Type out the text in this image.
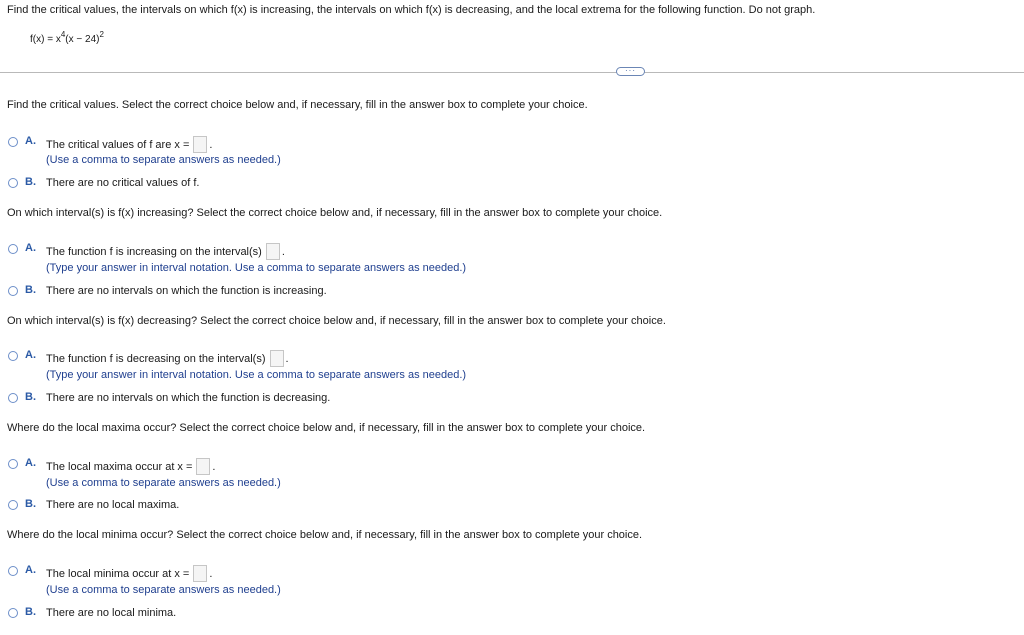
Find the critical values, the intervals on which f(x) is increasing, the intervals on which f(x) is decreasing, and the local extrema for the following function. Do not graph.
$f(x) = x^4(x - 24)^2$
···
Find the critical values. Select the correct choice below and, if necessary, fill in the answer box to complete your choice.
A. The critical values of f are x = .
(Use a comma to separate answers as needed.)
B. There are no critical values of f.
On which interval(s) is f(x) increasing? Select the correct choice below and, if necessary, fill in the answer box to complete your choice.
A. The function f is increasing on the interval(s) .
(Type your answer in interval notation. Use a comma to separate answers as needed.)
B. There are no intervals on which the function is increasing.
On which interval(s) is f(x) decreasing? Select the correct choice below and, if necessary, fill in the answer box to complete your choice.
A. The function f is decreasing on the interval(s) .
(Type your answer in interval notation. Use a comma to separate answers as needed.)
B. There are no intervals on which the function is decreasing.
Where do the local maxima occur? Select the correct choice below and, if necessary, fill in the answer box to complete your choice.
A. The local maxima occur at x = .
(Use a comma to separate answers as needed.)
B. There are no local maxima.
Where do the local minima occur? Select the correct choice below and, if necessary, fill in the answer box to complete your choice.
A. The local minima occur at x = .
(Use a comma to separate answers as needed.)
B. There are no local minima.
